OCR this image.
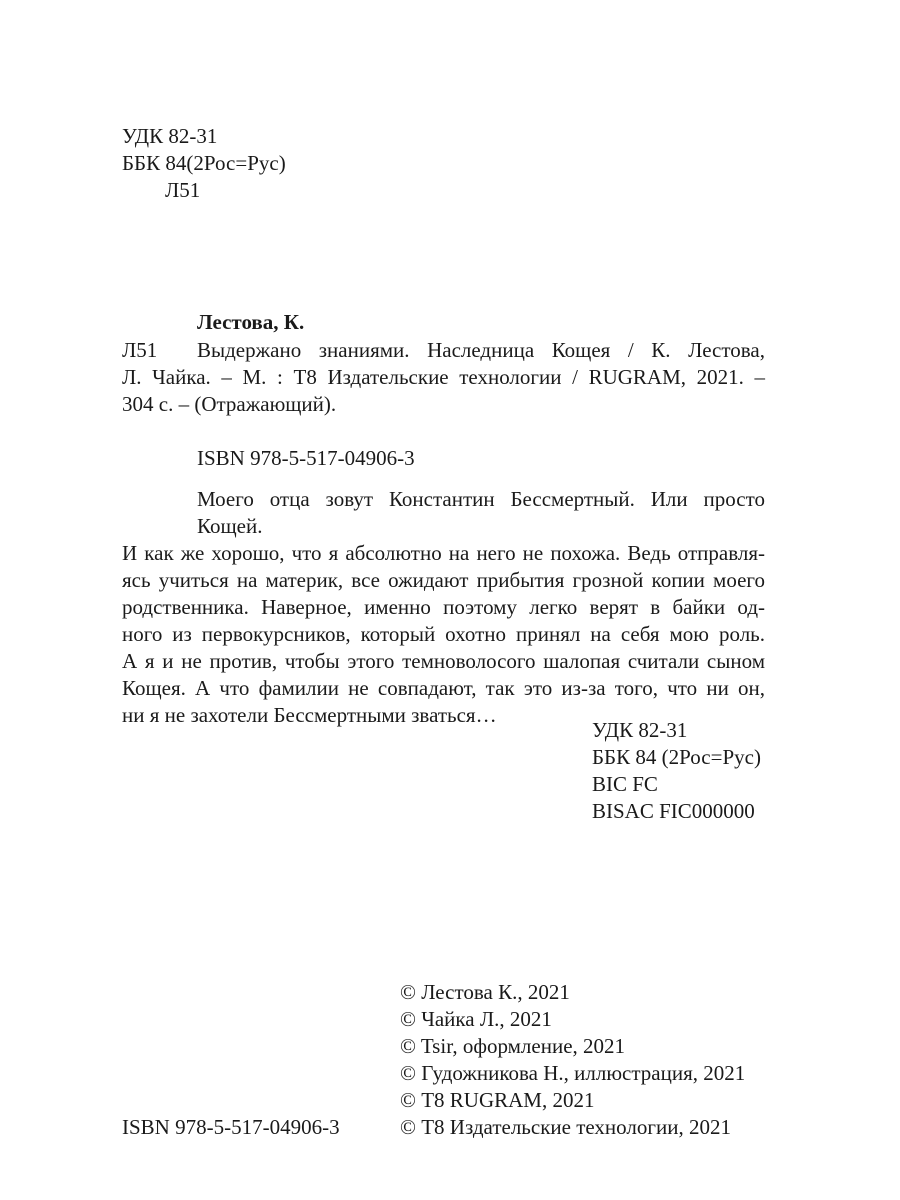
УДК 82-31
ББК 84(2Рос=Рус)
Л51
Лестова, К.
Л51	Выдержано знаниями. Наследница Кощея / К. Лестова,
Л. Чайка. – М. : Т8 Издательские технологии / RUGRAM, 2021. –
304 с. – (Отражающий).
ISBN 978-5-517-04906-3
Моего отца зовут Константин Бессмертный. Или просто Кощей.
И как же хорошо, что я абсолютно на него не похожа. Ведь отправля-
ясь учиться на материк, все ожидают прибытия грозной копии моего
родственника. Наверное, именно поэтому легко верят в байки од-
ного из первокурсников, который охотно принял на себя мою роль.
А я и не против, чтобы этого темноволосого шалопая считали сыном
Кощея. А что фамилии не совпадают, так это из-за того, что ни он,
ни я не захотели Бессмертными зваться…
УДК 82-31
ББК 84 (2Рос=Рус)
BIC FC
BISAC FIC000000
© Лестова К., 2021
© Чайка Л., 2021
© Tsir, оформление, 2021
© Гудожникова Н., иллюстрация, 2021
© Т8 RUGRAM, 2021
© Т8 Издательские технологии, 2021
ISBN 978-5-517-04906-3
